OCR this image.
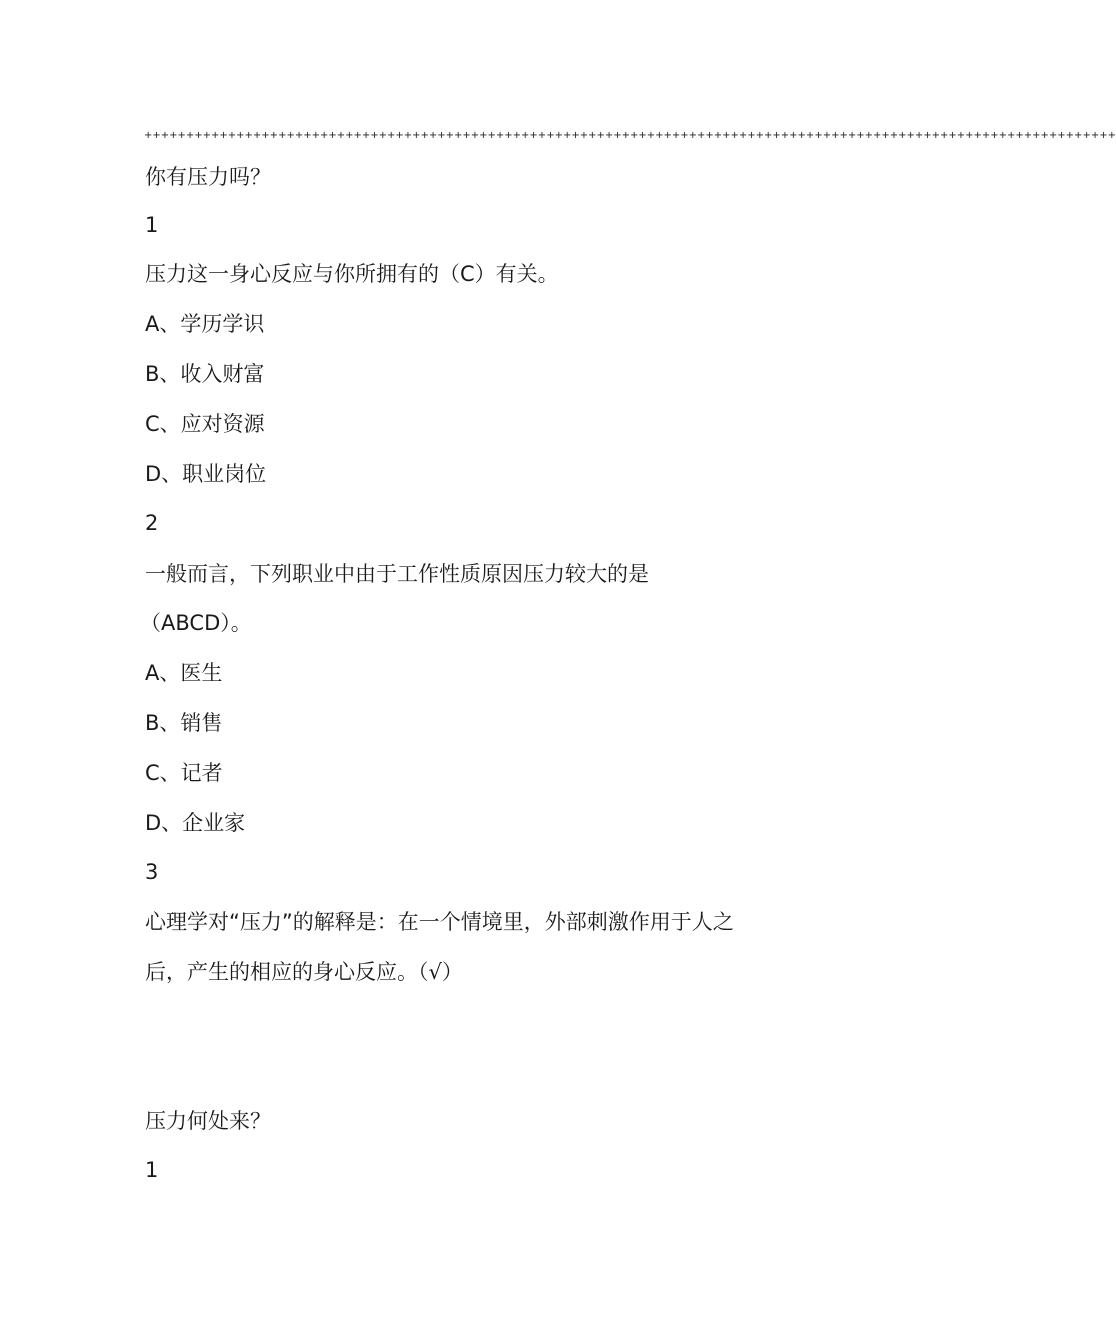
++++++++++++++++++++++++++++++++++++++++++++++++++++++++++++++++++++++++++++++++++++++++++++++++++++++++++++++++++++
你有压力吗？
1
压力这一身心反应与你所拥有的（C）有关。
A、学历学识
B、收入财富
C、应对资源
D、职业岗位
2
一般而言，下列职业中由于工作性质原因压力较大的是
（ABCD）。
A、医生
B、销售
C、记者
D、企业家
3
心理学对“压力”的解释是：在一个情境里，外部刺激作用于人之
后，产生的相应的身心反应。（√）
压力何处来？
1
